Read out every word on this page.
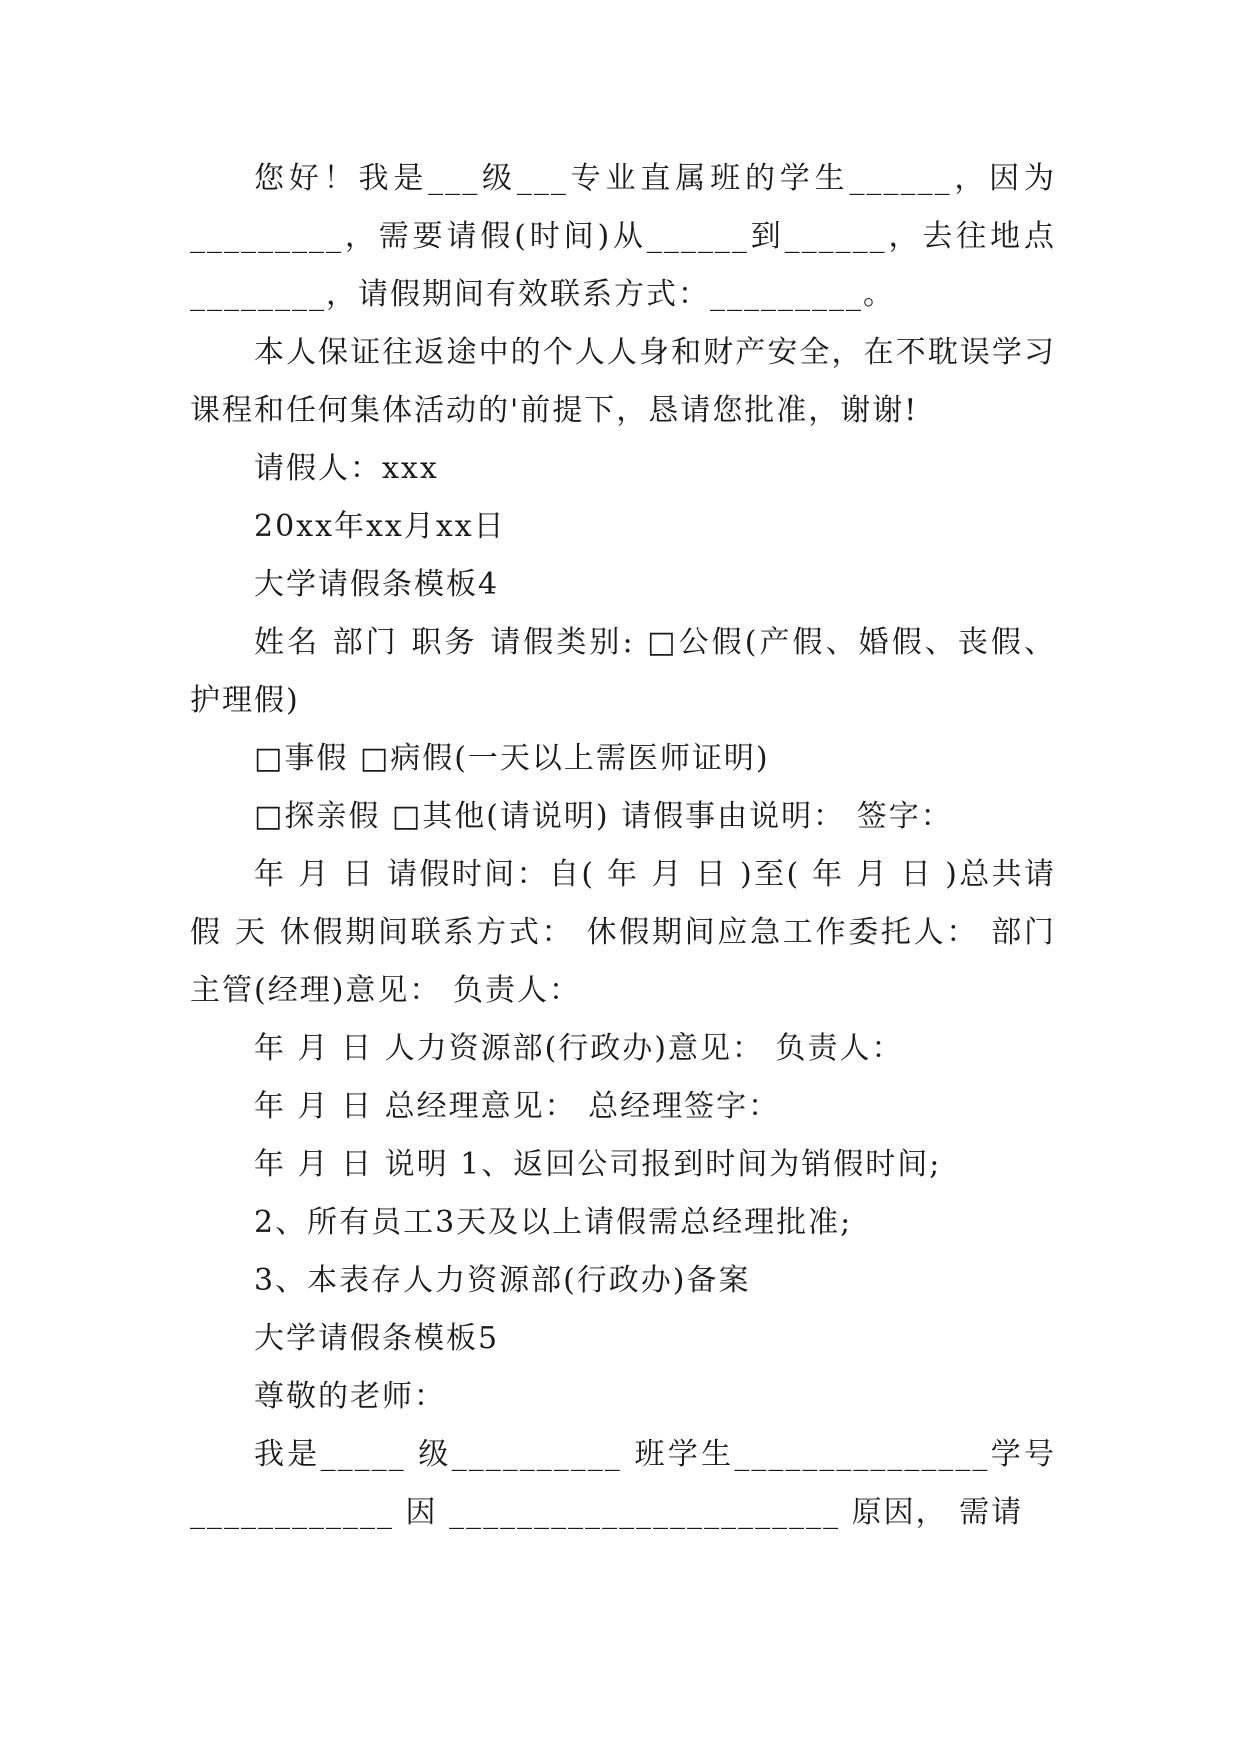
您好！我是___级___专业直属班的学生______，因为_________，需要请假(时间)从______到______，去往地点________，请假期间有效联系方式：_________。

本人保证往返途中的个人人身和财产安全，在不耽误学习课程和任何集体活动的'前提下，恳请您批准，谢谢!

请假人：xxx

20xx年xx月xx日

大学请假条模板4

姓名 部门 职务 请假类别: □公假(产假、婚假、丧假、护理假)

□事假 □病假(一天以上需医师证明)

□探亲假 □其他(请说明) 请假事由说明： 签字：

年 月 日 请假时间：自( 年 月 日 )至( 年 月 日 )总共请假 天 休假期间联系方式： 休假期间应急工作委托人： 部门主管(经理)意见： 负责人：

年 月 日 人力资源部(行政办)意见： 负责人：

年 月 日 总经理意见： 总经理签字：

年 月 日 说明 1、返回公司报到时间为销假时间;

2、所有员工3天及以上请假需总经理批准;

3、本表存人力资源部(行政办)备案

大学请假条模板5

尊敬的老师：

我是_____ 级__________ 班学生_______________学号____________ 因 _______________________ 原因， 需请
